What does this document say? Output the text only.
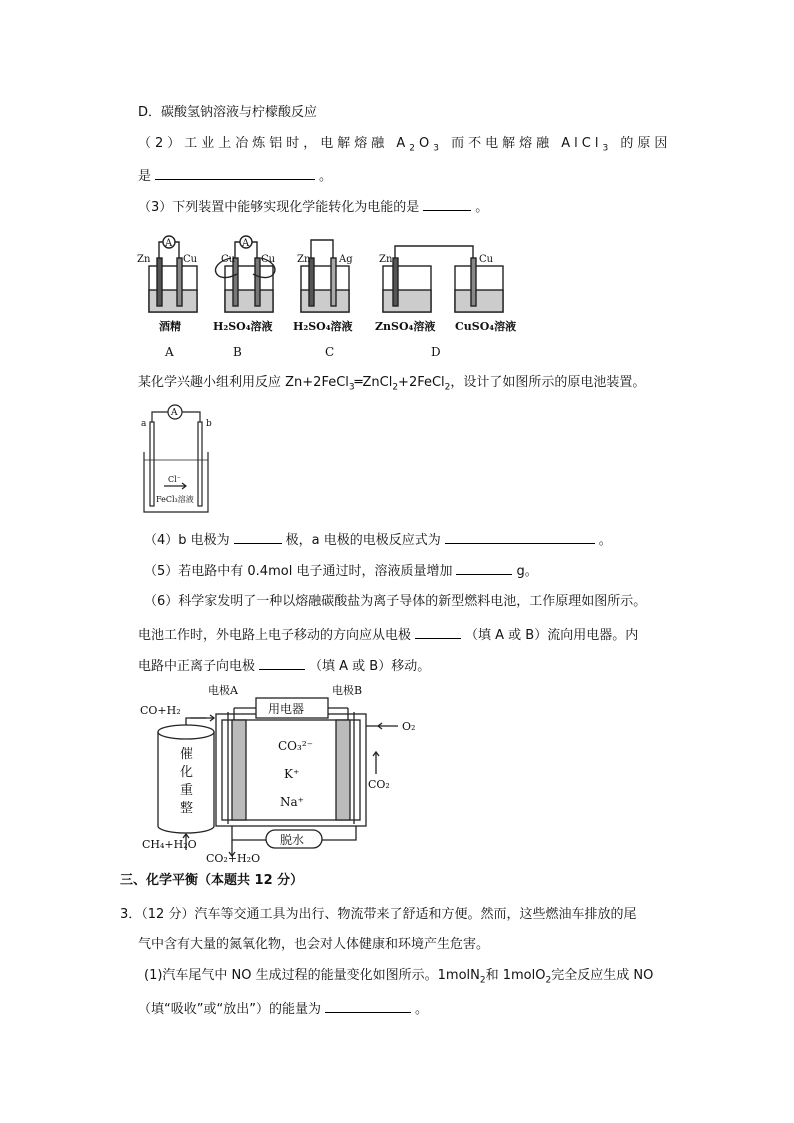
D．碳酸氢钠溶液与柠檬酸反应
（2）工业上冶炼铝时，电解熔融 $A_2O_3$ 而不电解熔融 AlCl$_3$ 的原因
是	。
（3）下列装置中能够实现化学能转化为电能的是	。
A	A
Zn	Cu Cu	Cu Zn	Ag	Zn	Cu
酒精	H₂SO₄溶液 H₂SO₄溶液 ZnSO₄溶液 CuSO₄溶液
A	B	C	D
某化学兴趣小组利用反应 Zn+2FeCl$_3$═ZnCl$_2$+2FeCl$_2$，设计了如图所示的原电池装置。
A
a	b
Cl⁻
FeCl₃溶液
（4）b 电极为	极，a 电极的电极反应式为	。
（5）若电路中有 0.4mol 电子通过时，溶液质量增加	g。
（6）科学家发明了一种以熔融碳酸盐为离子导体的新型燃料电池，工作原理如图所示。
电池工作时，外电路上电子移动的方向应从电极	（填 A 或 B）流向用电器。内
电路中正离子向电极	（填 A 或 B）移动。
电极A	电极B
用电器
CO+H₂
O₂
CO₂
催
化
重
整
CO₃²⁻
K⁺
Na⁺
CH₄+H₂O
CO₂+H₂O
脱水
三、化学平衡（本题共 12 分）
3．（12 分）汽车等交通工具为出行、物流带来了舒适和方便。然而，这些燃油车排放的尾
气中含有大量的氮氧化物，也会对人体健康和环境产生危害。
(1)汽车尾气中 NO 生成过程的能量变化如图所示。1molN$_2$和 1molO$_2$完全反应生成 NO
（填“吸收”或“放出”）的能量为	。
